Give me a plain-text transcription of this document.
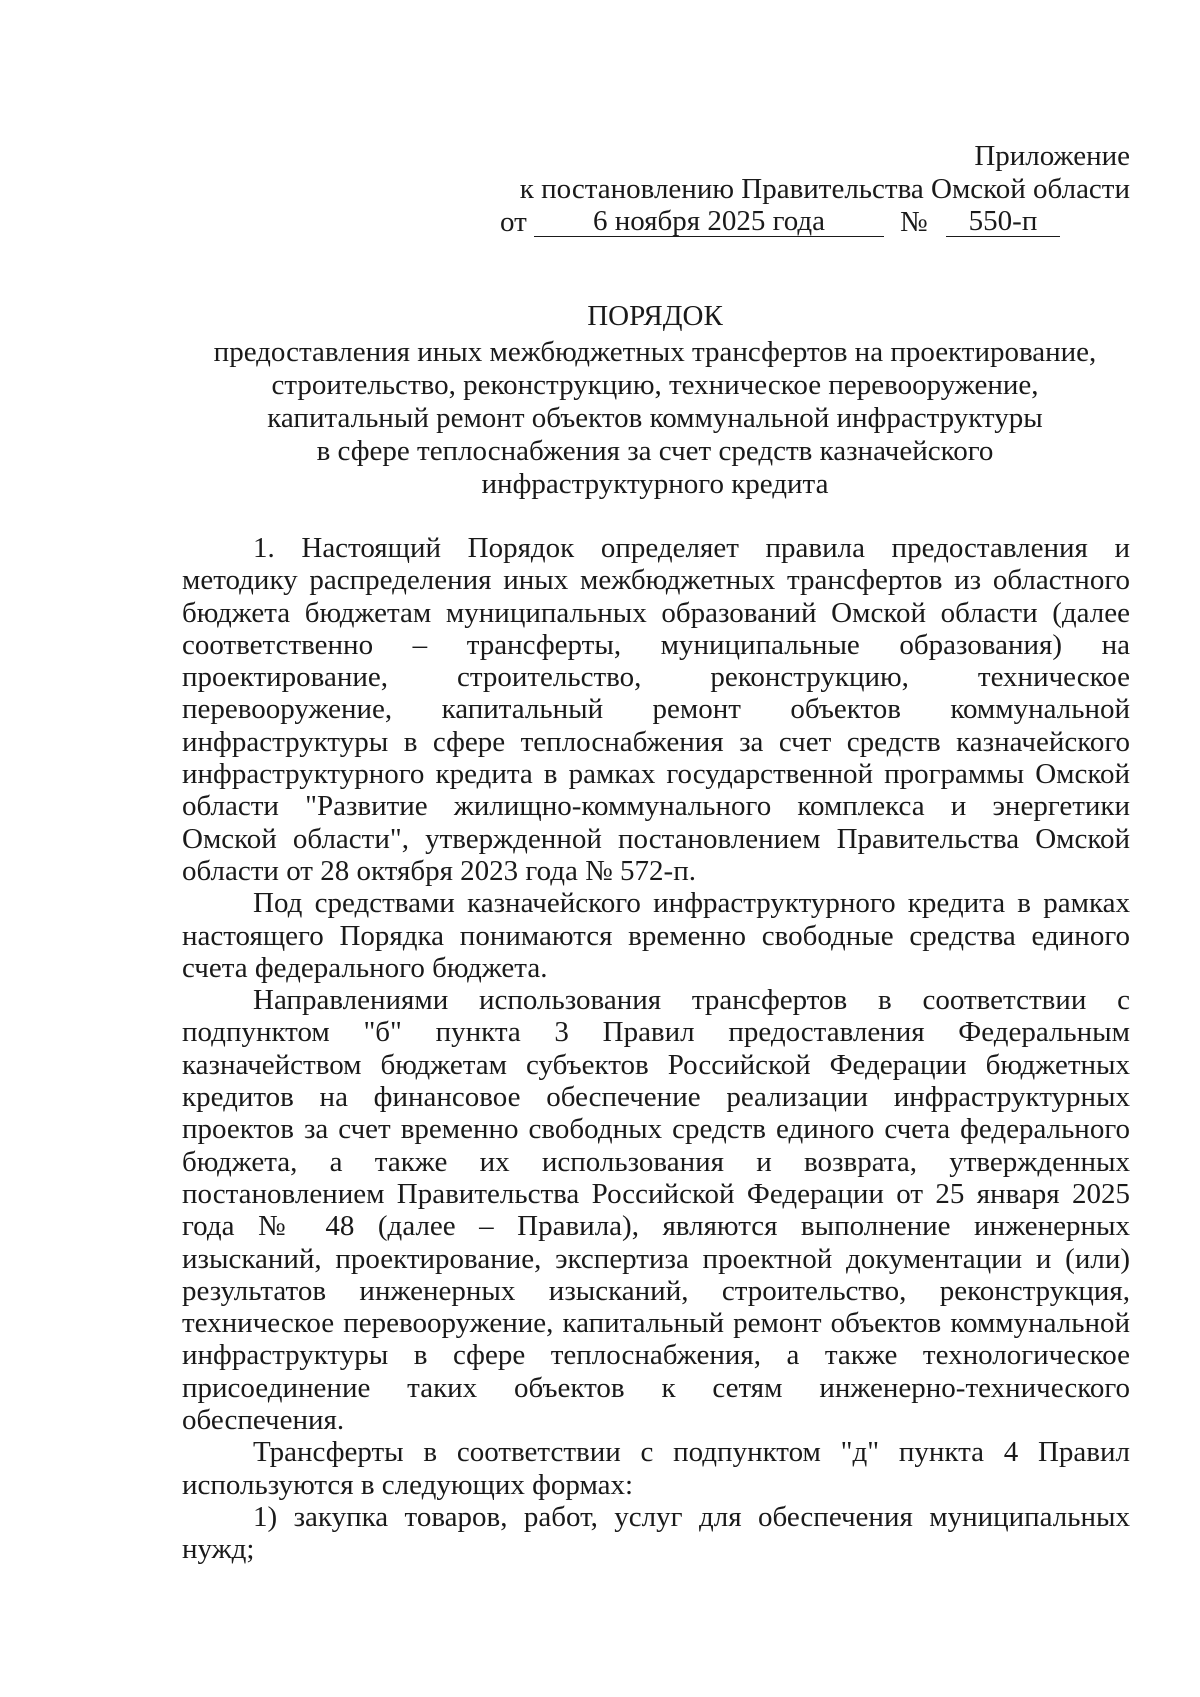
Приложение
к постановлению Правительства Омской области
от	6 ноября 2025 года	№	550-п
ПОРЯДОК
предоставления иных межбюджетных трансфертов на проектирование,
строительство, реконструкцию, техническое перевооружение,
капитальный ремонт объектов коммунальной инфраструктуры
в сфере теплоснабжения за счет средств казначейского
инфраструктурного кредита

1. Настоящий Порядок определяет правила предоставления и методику распределения иных межбюджетных трансфертов из областного бюджета бюджетам муниципальных образований Омской области (далее соответственно – трансферты, муниципальные образования) на проектирование, строительство, реконструкцию, техническое перевооружение, капитальный ремонт объектов коммунальной инфраструктуры в сфере теплоснабжения за счет средств казначейского инфраструктурного кредита в рамках государственной программы Омской области "Развитие жилищно-коммунального комплекса и энергетики Омской области", утвержденной постановлением Правительства Омской области от 28 октября 2023 года № 572-п.

Под средствами казначейского инфраструктурного кредита в рамках настоящего Порядка понимаются временно свободные средства единого счета федерального бюджета.

Направлениями использования трансфертов в соответствии с подпунктом "б" пункта 3 Правил предоставления Федеральным казначейством бюджетам субъектов Российской Федерации бюджетных кредитов на финансовое обеспечение реализации инфраструктурных проектов за счет временно свободных средств единого счета федерального бюджета, а также их использования и возврата, утвержденных постановлением Правительства Российской Федерации от 25 января 2025 года № 48 (далее – Правила), являются выполнение инженерных изысканий, проектирование, экспертиза проектной документации и (или) результатов инженерных изысканий, строительство, реконструкция, техническое перевооружение, капитальный ремонт объектов коммунальной инфраструктуры в сфере теплоснабжения, а также технологическое присоединение таких объектов к сетям инженерно-технического обеспечения.

Трансферты в соответствии с подпунктом "д" пункта 4 Правил используются в следующих формах:

1) закупка товаров, работ, услуг для обеспечения муниципальных нужд;
